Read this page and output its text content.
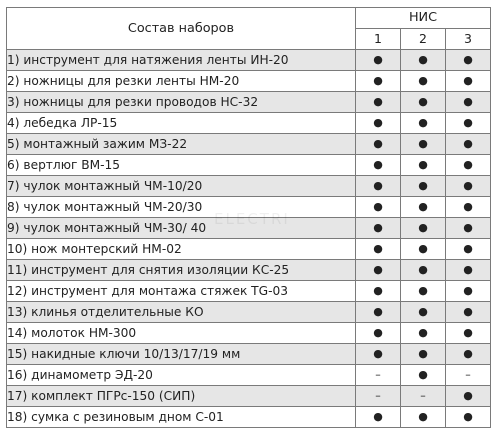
Состав наборов	НИС		
	1	2	3
1) инструмент для натяжения ленты ИН-20	●	●	●
2) ножницы для резки ленты НМ-20	●	●	●
3) ножницы для резки проводов НС-32	●	●	●
4) лебедка ЛР-15	●	●	●
5) монтажный зажим МЗ-22	●	●	●
6) вертлюг ВМ-15	●	●	●
7) чулок монтажный ЧМ-10/20	●	●	●
8) чулок монтажный ЧМ-20/30	●	●	●
9) чулок монтажный ЧМ-30/ 40	●	●	●
10) нож монтерский НМ-02	●	●	●
11) инструмент для снятия изоляции КС-25	●	●	●
12) инструмент для монтажа стяжек TG-03	●	●	●
13) клинья отделительные КО	●	●	●
14) молоток НМ-300	●	●	●
15) накидные ключи 10/13/17/19 мм	●	●	●
16) динамометр ЭД-20	–	●	–
17) комплект ПГРс-150 (СИП)	–	–	●
18) сумка с резиновым дном С-01	●	●	●
